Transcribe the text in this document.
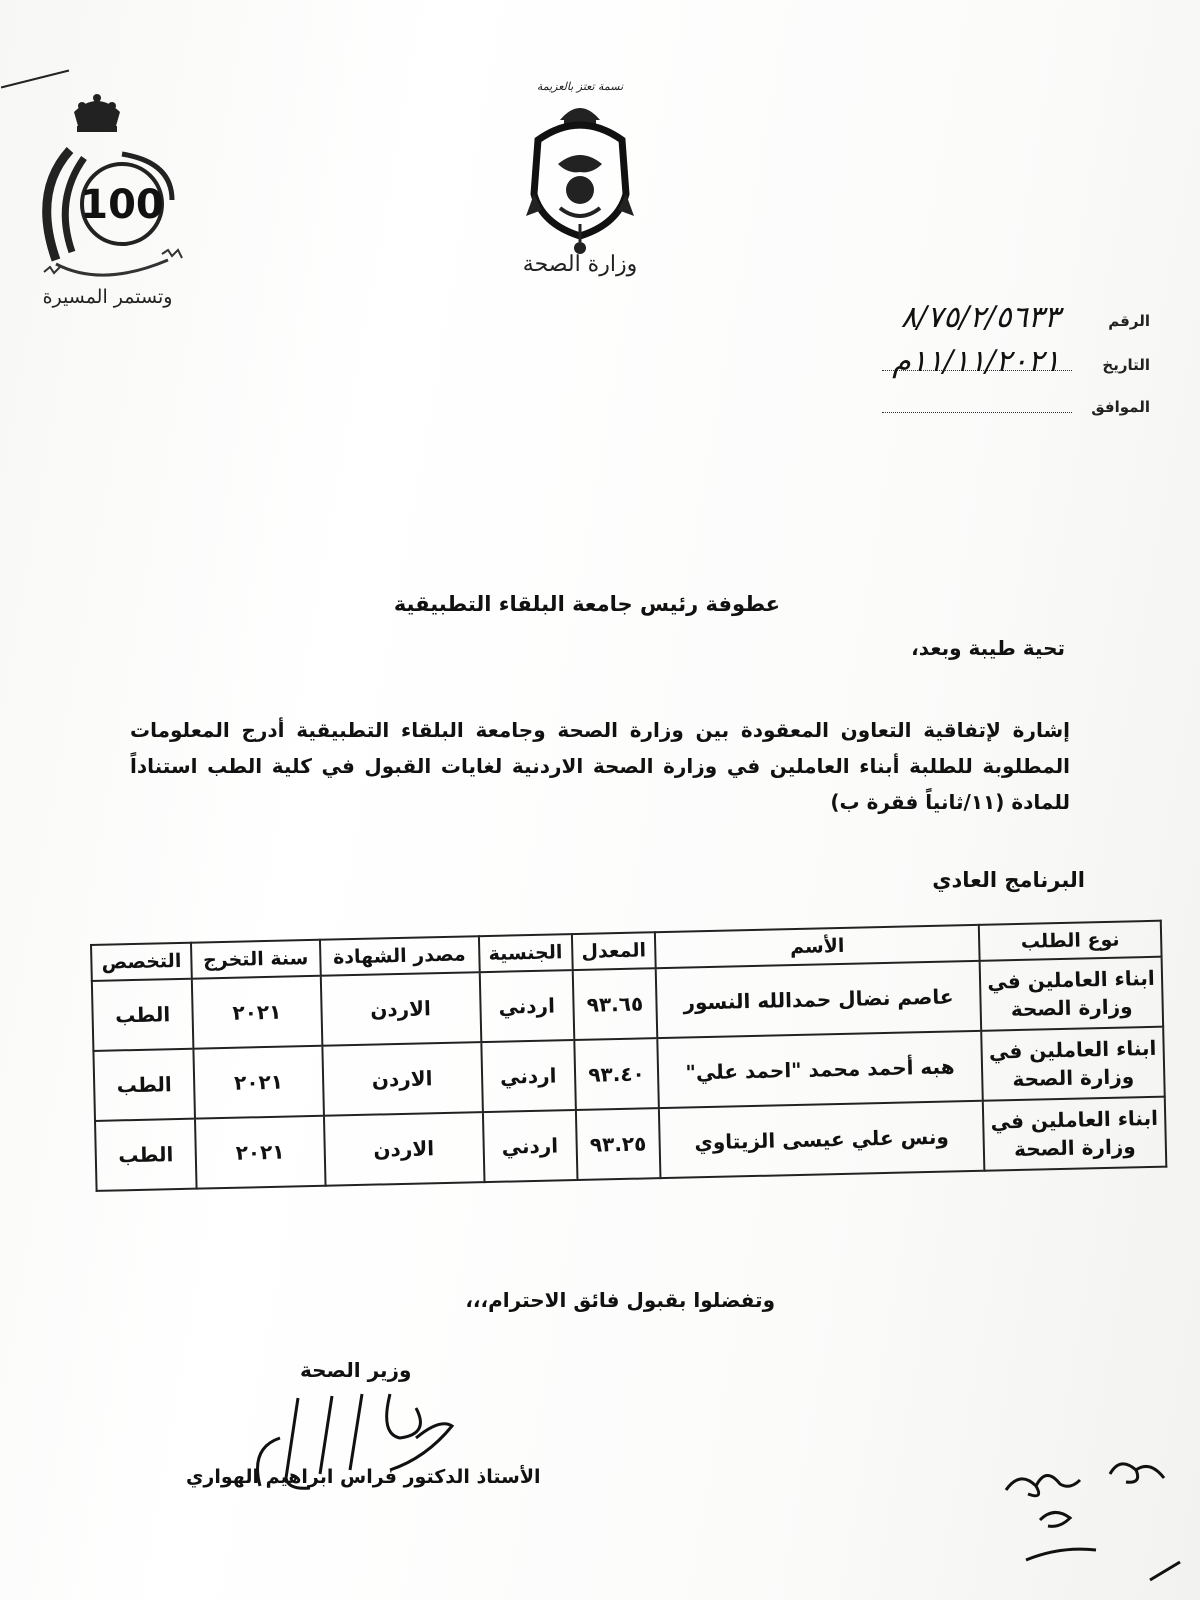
100
وتستمر المسيرة
نسمة تعتز بالعزيمة
وزارة الصحة
الرقم
٨/٧٥/٢/٥٦٣٣
التاريخ
١١/١١/٢٠٢١م
الموافق
عطوفة رئيس جامعة البلقاء التطبيقية
تحية طيبة وبعد،
إشارة لإتفاقية التعاون المعقودة بين وزارة الصحة وجامعة البلقاء التطبيقية أدرج المعلومات المطلوبة للطلبة أبناء العاملين في وزارة الصحة الاردنية لغايات القبول في كلية الطب استناداً للمادة (١١/ثانياً فقرة ب)
البرنامج العادي
نوع الطلب	الأسم	المعدل	الجنسية	مصدر الشهادة	سنة التخرج	التخصص

ابناء العاملين في
وزارة الصحة	عاصم نضال حمدالله النسور	٩٣.٦٥	اردني	الاردن	٢٠٢١	الطب

ابناء العاملين في
وزارة الصحة	هبه أحمد محمد "احمد علي"	٩٣.٤٠	اردني	الاردن	٢٠٢١	الطب

ابناء العاملين في
وزارة الصحة	ونس علي عيسى الزيتاوي	٩٣.٢٥	اردني	الاردن	٢٠٢١	الطب
وتفضلوا بقبول فائق الاحترام،،،
وزير الصحة
الأستاذ الدكتور فراس ابراهيم الهواري
